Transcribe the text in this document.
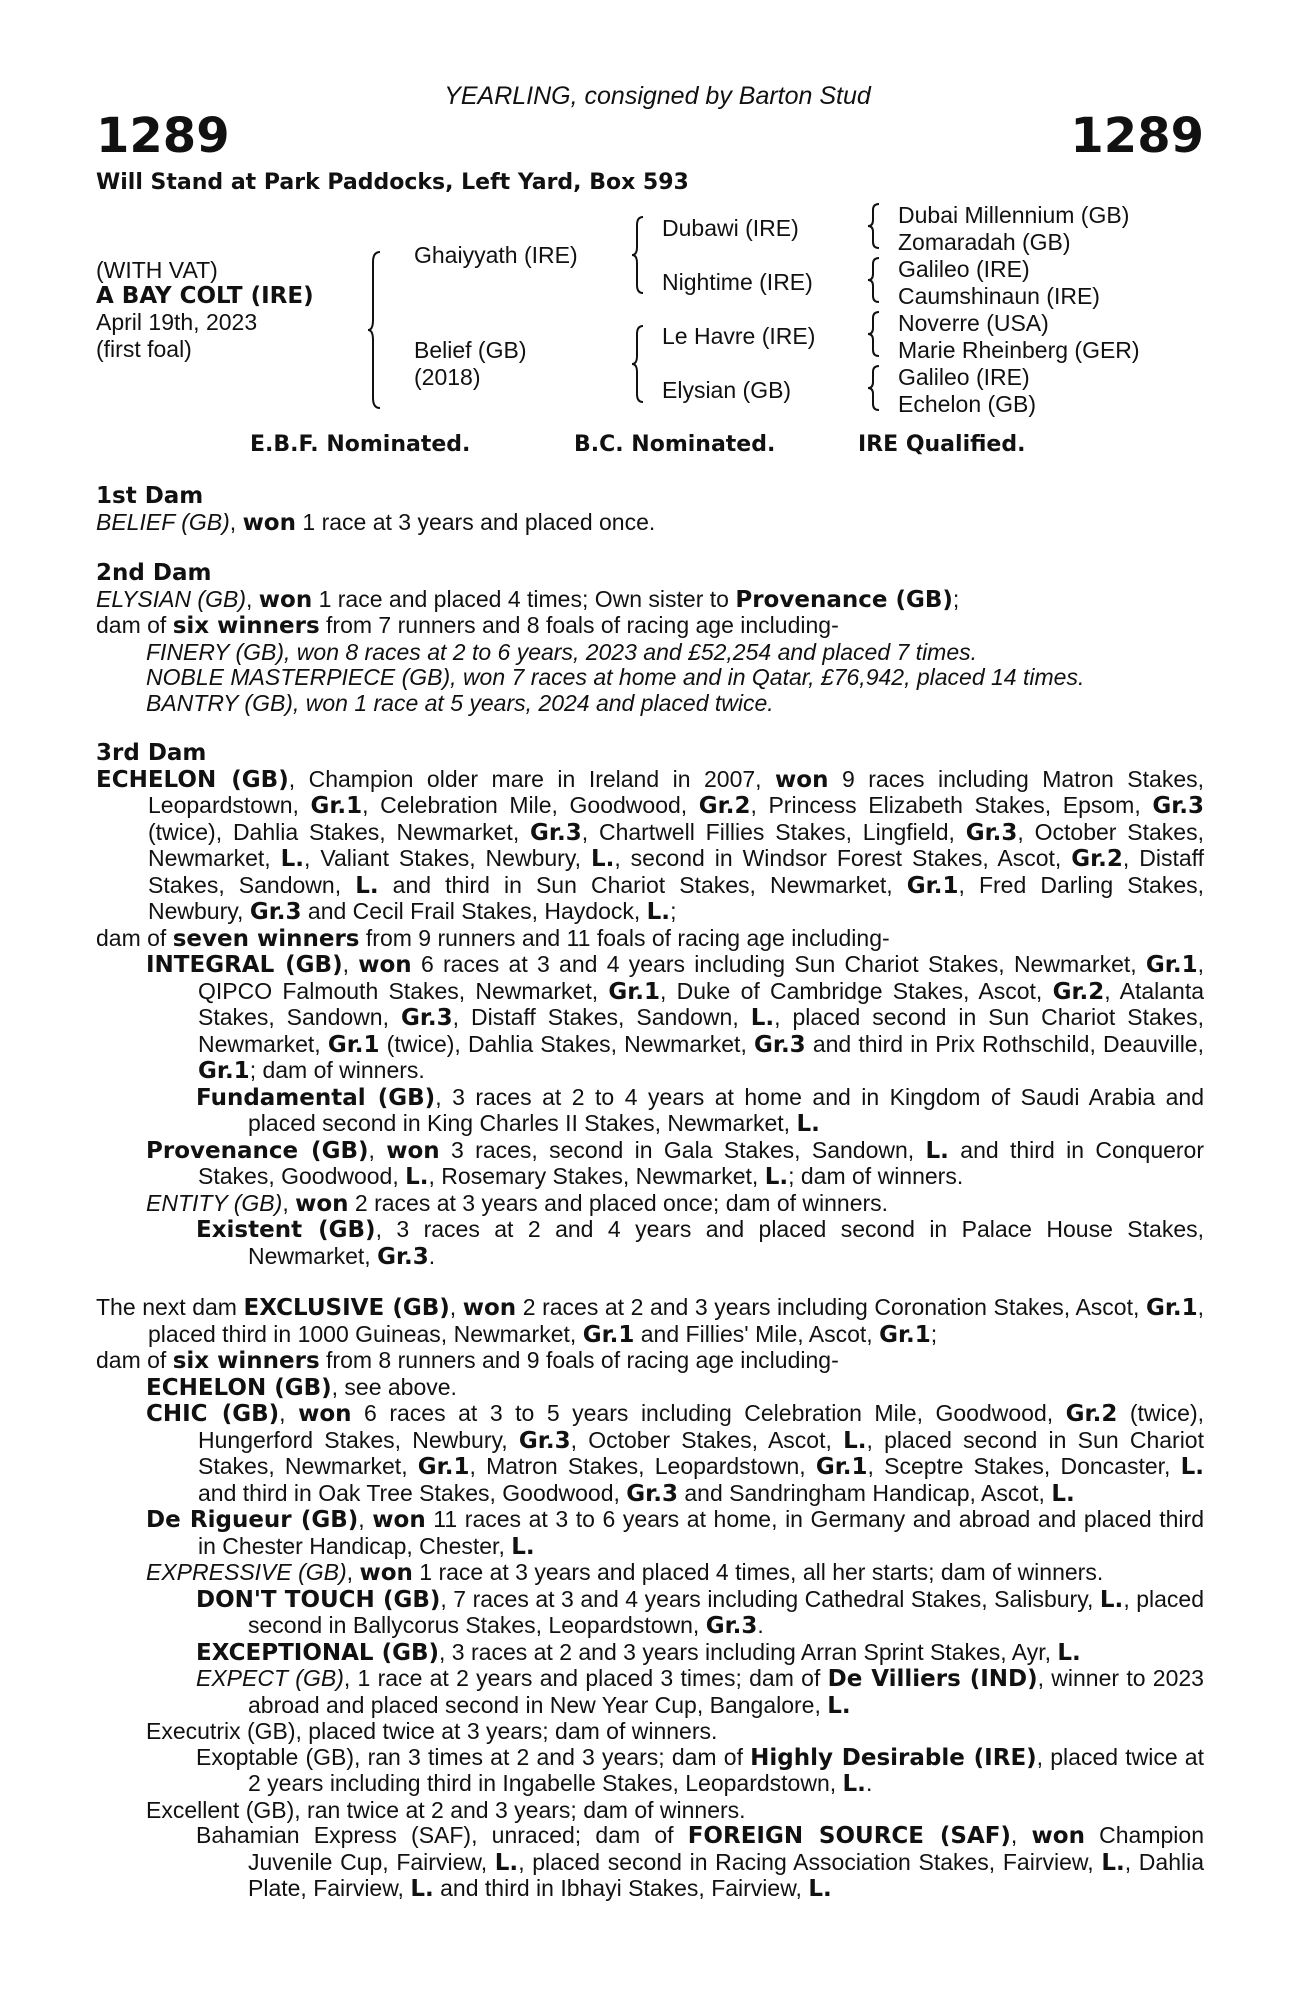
YEARLING, consigned by Barton Stud
1289	1289
Will Stand at Park Paddocks, Left Yard, Box 593
(WITH VAT)
A BAY COLT (IRE)
April 19th, 2023
(first foal)
Ghaiyyath (IRE)
Belief (GB)
(2018)
Dubawi (IRE)
Nightime (IRE)
Le Havre (IRE)
Elysian (GB)
Dubai Millennium (GB)
Zomaradah (GB)
Galileo (IRE)
Caumshinaun (IRE)
Noverre (USA)
Marie Rheinberg (GER)
Galileo (IRE)
Echelon (GB)
E.B.F. Nominated.	B.C. Nominated.	IRE Qualified.

1st Dam

BELIEF (GB), won 1 race at 3 years and placed once.

2nd Dam

ELYSIAN (GB), won 1 race and placed 4 times; Own sister to Provenance (GB);

dam of six winners from 7 runners and 8 foals of racing age including-

FINERY (GB), won 8 races at 2 to 6 years, 2023 and £52,254 and placed 7 times.

NOBLE MASTERPIECE (GB), won 7 races at home and in Qatar, £76,942, placed 14 times.

BANTRY (GB), won 1 race at 5 years, 2024 and placed twice.

3rd Dam

ECHELON (GB), Champion older mare in Ireland in 2007, won 9 races including Matron Stakes, Leopardstown, Gr.1, Celebration Mile, Goodwood, Gr.2, Princess Elizabeth Stakes, Epsom, Gr.3 (twice), Dahlia Stakes, Newmarket, Gr.3, Chartwell Fillies Stakes, Lingfield, Gr.3, October Stakes, Newmarket, L., Valiant Stakes, Newbury, L., second in Windsor Forest Stakes, Ascot, Gr.2, Distaff Stakes, Sandown, L. and third in Sun Chariot Stakes, Newmarket, Gr.1, Fred Darling Stakes, Newbury, Gr.3 and Cecil Frail Stakes, Haydock, L.;

dam of seven winners from 9 runners and 11 foals of racing age including-

INTEGRAL (GB), won 6 races at 3 and 4 years including Sun Chariot Stakes, Newmarket, Gr.1, QIPCO Falmouth Stakes, Newmarket, Gr.1, Duke of Cambridge Stakes, Ascot, Gr.2, Atalanta Stakes, Sandown, Gr.3, Distaff Stakes, Sandown, L., placed second in Sun Chariot Stakes, Newmarket, Gr.1 (twice), Dahlia Stakes, Newmarket, Gr.3 and third in Prix Rothschild, Deauville, Gr.1; dam of winners.

Fundamental (GB), 3 races at 2 to 4 years at home and in Kingdom of Saudi Arabia and placed second in King Charles II Stakes, Newmarket, L.

Provenance (GB), won 3 races, second in Gala Stakes, Sandown, L. and third in Conqueror Stakes, Goodwood, L., Rosemary Stakes, Newmarket, L.; dam of winners.

ENTITY (GB), won 2 races at 3 years and placed once; dam of winners.

Existent (GB), 3 races at 2 and 4 years and placed second in Palace House Stakes, Newmarket, Gr.3.

The next dam EXCLUSIVE (GB), won 2 races at 2 and 3 years including Coronation Stakes, Ascot, Gr.1, placed third in 1000 Guineas, Newmarket, Gr.1 and Fillies' Mile, Ascot, Gr.1;

dam of six winners from 8 runners and 9 foals of racing age including-

ECHELON (GB), see above.

CHIC (GB), won 6 races at 3 to 5 years including Celebration Mile, Goodwood, Gr.2 (twice), Hungerford Stakes, Newbury, Gr.3, October Stakes, Ascot, L., placed second in Sun Chariot Stakes, Newmarket, Gr.1, Matron Stakes, Leopardstown, Gr.1, Sceptre Stakes, Doncaster, L. and third in Oak Tree Stakes, Goodwood, Gr.3 and Sandringham Handicap, Ascot, L.

De Rigueur (GB), won 11 races at 3 to 6 years at home, in Germany and abroad and placed third in Chester Handicap, Chester, L.

EXPRESSIVE (GB), won 1 race at 3 years and placed 4 times, all her starts; dam of winners.

DON'T TOUCH (GB), 7 races at 3 and 4 years including Cathedral Stakes, Salisbury, L., placed second in Ballycorus Stakes, Leopardstown, Gr.3.

EXCEPTIONAL (GB), 3 races at 2 and 3 years including Arran Sprint Stakes, Ayr, L.

EXPECT (GB), 1 race at 2 years and placed 3 times; dam of De Villiers (IND), winner to 2023 abroad and placed second in New Year Cup, Bangalore, L.

Executrix (GB), placed twice at 3 years; dam of winners.

Exoptable (GB), ran 3 times at 2 and 3 years; dam of Highly Desirable (IRE), placed twice at 2 years including third in Ingabelle Stakes, Leopardstown, L..

Excellent (GB), ran twice at 2 and 3 years; dam of winners.

Bahamian Express (SAF), unraced; dam of FOREIGN SOURCE (SAF), won Champion Juvenile Cup, Fairview, L., placed second in Racing Association Stakes, Fairview, L., Dahlia Plate, Fairview, L. and third in Ibhayi Stakes, Fairview, L.
